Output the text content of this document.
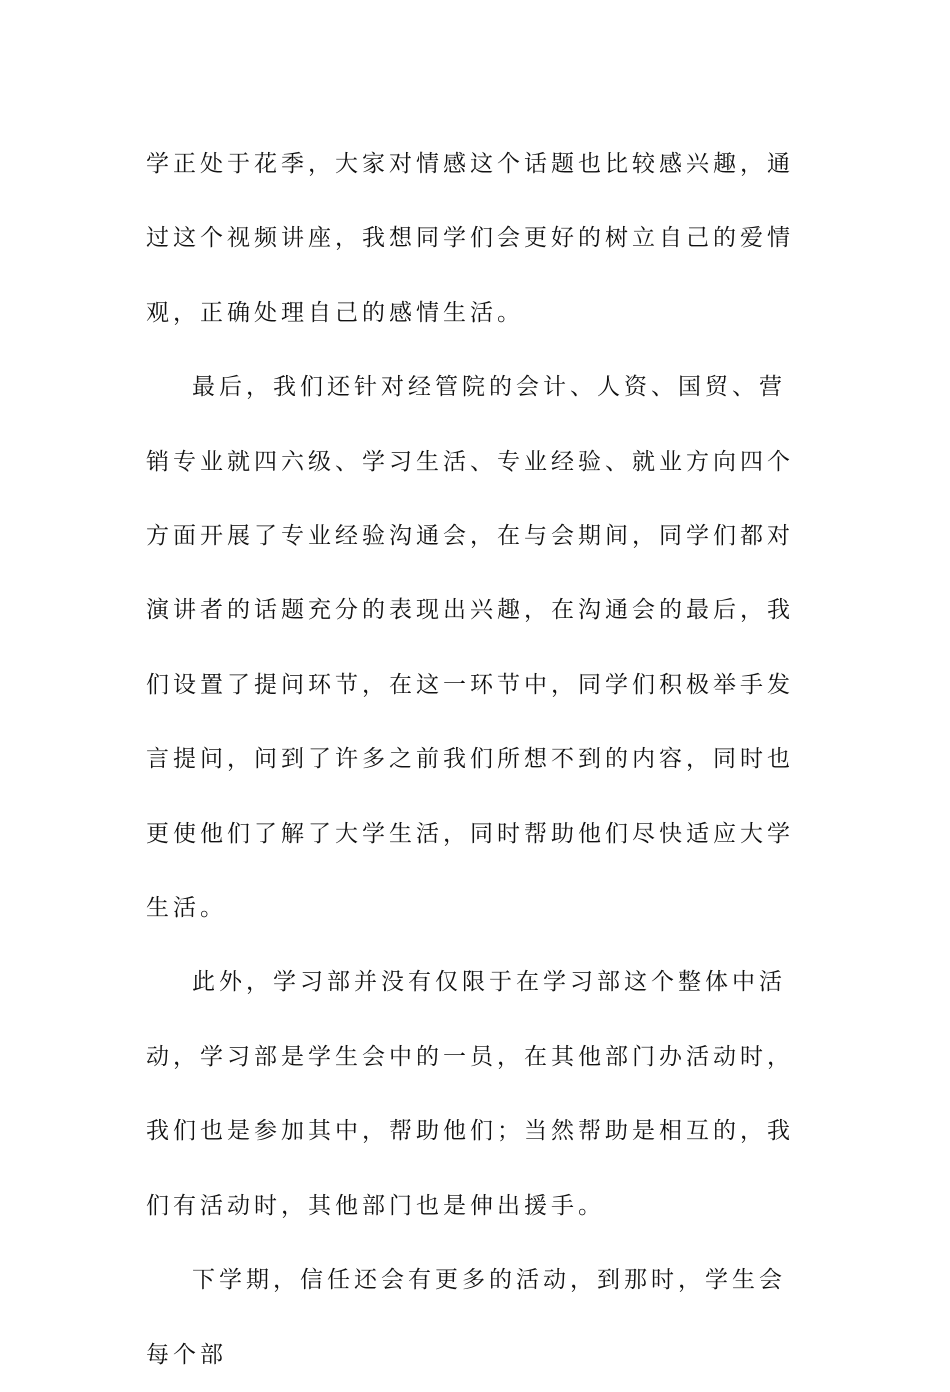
学正处于花季，大家对情感这个话题也比较感兴趣，通过这个视频讲座，我想同学们会更好的树立自己的爱情观，正确处理自己的感情生活。

最后，我们还针对经管院的会计、人资、国贸、营销专业就四六级、学习生活、专业经验、就业方向四个方面开展了专业经验沟通会，在与会期间，同学们都对演讲者的话题充分的表现出兴趣，在沟通会的最后，我们设置了提问环节，在这一环节中，同学们积极举手发言提问，问到了许多之前我们所想不到的内容，同时也更使他们了解了大学生活，同时帮助他们尽快适应大学生活。

此外，学习部并没有仅限于在学习部这个整体中活动，学习部是学生会中的一员，在其他部门办活动时，我们也是参加其中，帮助他们；当然帮助是相互的，我们有活动时，其他部门也是伸出援手。

下学期，信任还会有更多的活动，到那时，学生会每个部
